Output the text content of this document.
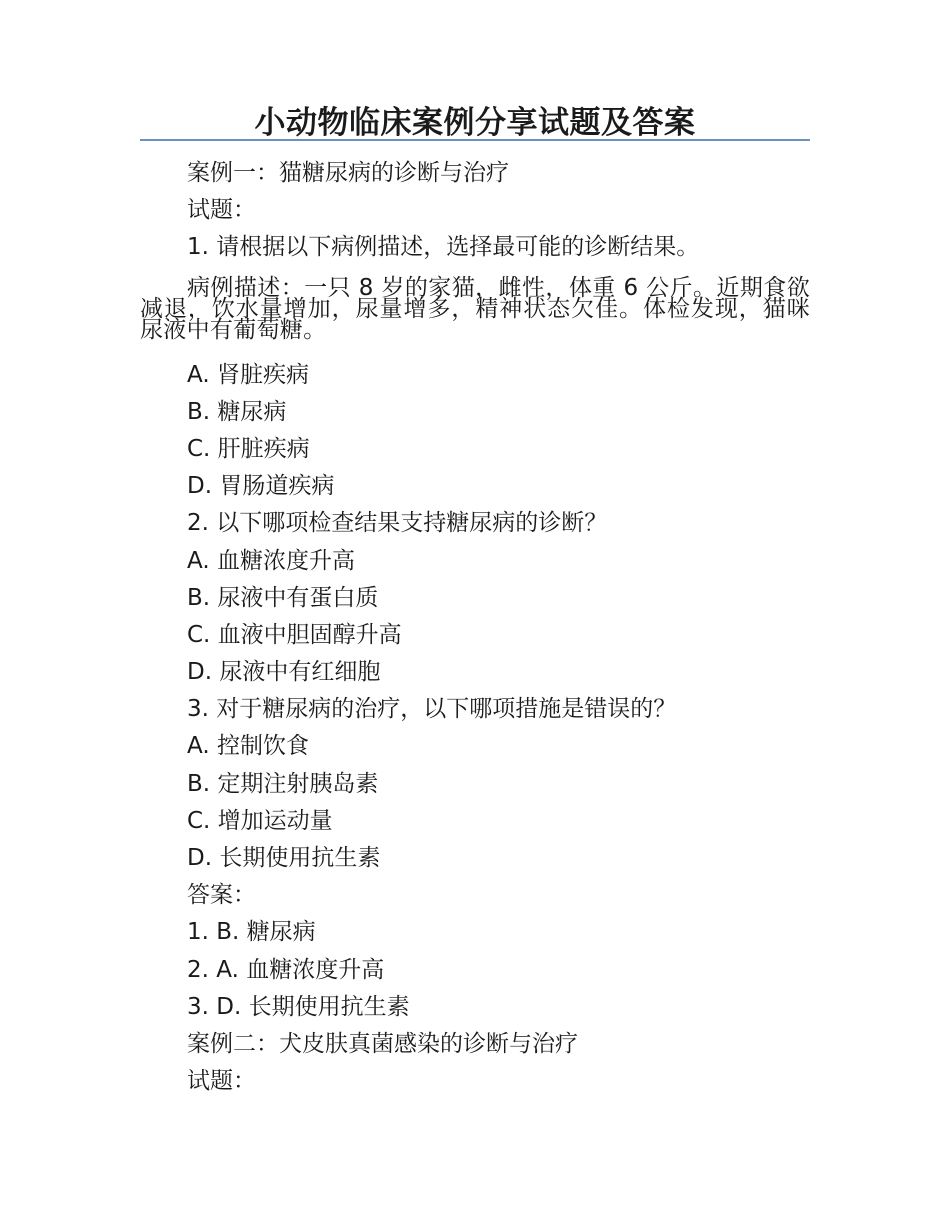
小动物临床案例分享试题及答案
案例一：猫糖尿病的诊断与治疗
试题：
1. 请根据以下病例描述，选择最可能的诊断结果。
病例描述：一只 8 岁的家猫，雌性，体重 6 公斤。近期食欲减退，饮水量增加，尿量增多，精神状态欠佳。体检发现，猫咪尿液中有葡萄糖。
A. 肾脏疾病
B. 糖尿病
C. 肝脏疾病
D. 胃肠道疾病
2. 以下哪项检查结果支持糖尿病的诊断？
A. 血糖浓度升高
B. 尿液中有蛋白质
C. 血液中胆固醇升高
D. 尿液中有红细胞
3. 对于糖尿病的治疗，以下哪项措施是错误的？
A. 控制饮食
B. 定期注射胰岛素
C. 增加运动量
D. 长期使用抗生素
答案：
1. B. 糖尿病
2. A. 血糖浓度升高
3. D. 长期使用抗生素
案例二：犬皮肤真菌感染的诊断与治疗
试题：
